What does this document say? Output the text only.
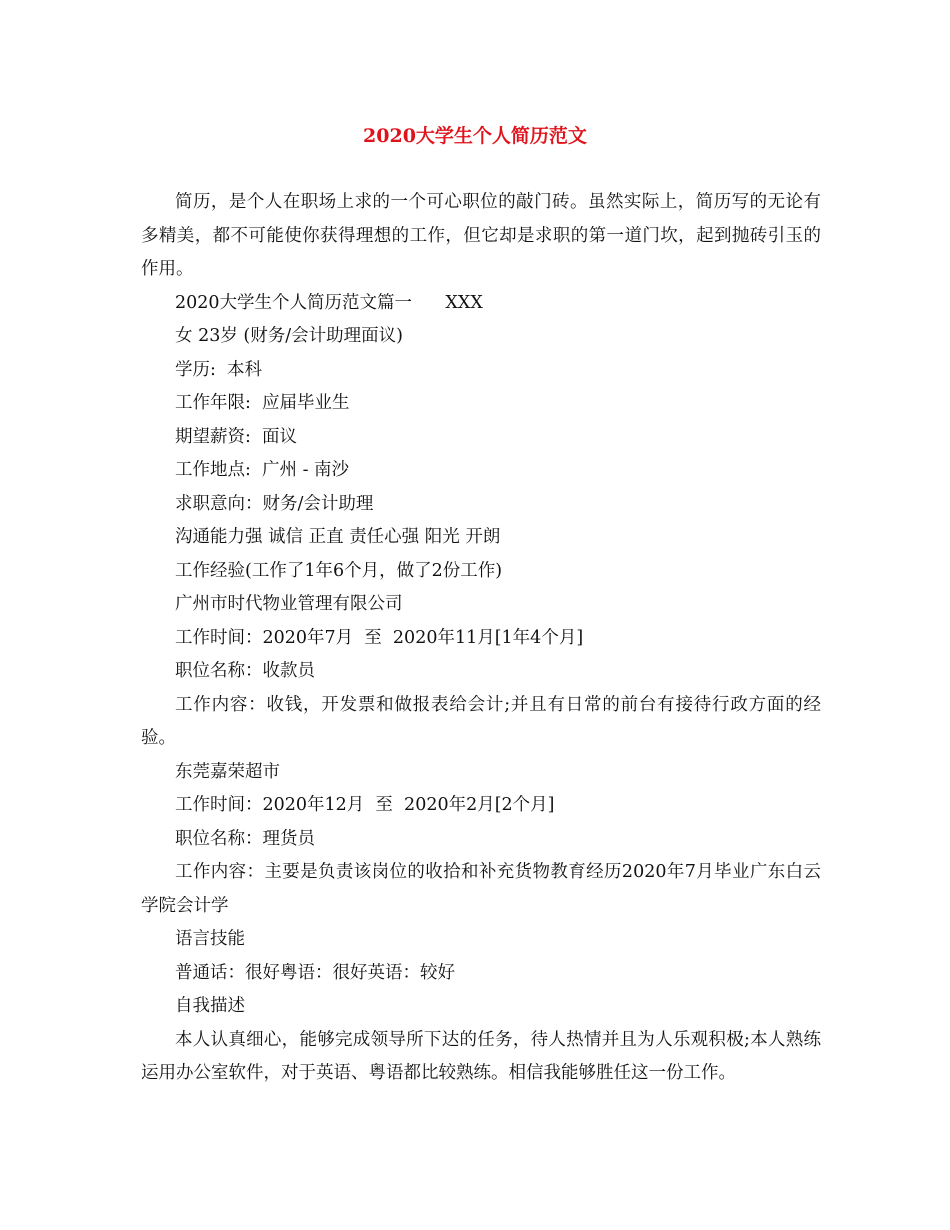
2020大学生个人简历范文

简历，是个人在职场上求的一个可心职位的敲门砖。虽然实际上，简历写的无论有多精美，都不可能使你获得理想的工作，但它却是求职的第一道门坎，起到抛砖引玉的作用。

2020大学生个人简历范文篇一      XXX

女 23岁 (财务/会计助理面议)

学历:  本科

工作年限:  应届毕业生

期望薪资:  面议

工作地点:  广州 - 南沙

求职意向：财务/会计助理

沟通能力强 诚信 正直 责任心强 阳光 开朗

工作经验(工作了1年6个月，做了2份工作)

广州市时代物业管理有限公司

工作时间：2020年7月  至  2020年11月[1年4个月]

职位名称：收款员

工作内容：收钱，开发票和做报表给会计;并且有日常的前台有接待行政方面的经验。

东莞嘉荣超市

工作时间：2020年12月  至  2020年2月[2个月]

职位名称：理货员

工作内容：主要是负责该岗位的收拾和补充货物教育经历2020年7月毕业广东白云学院会计学

语言技能

普通话：很好粤语：很好英语：较好

自我描述

本人认真细心，能够完成领导所下达的任务，待人热情并且为人乐观积极;本人熟练运用办公室软件，对于英语、粤语都比较熟练。相信我能够胜任这一份工作。
